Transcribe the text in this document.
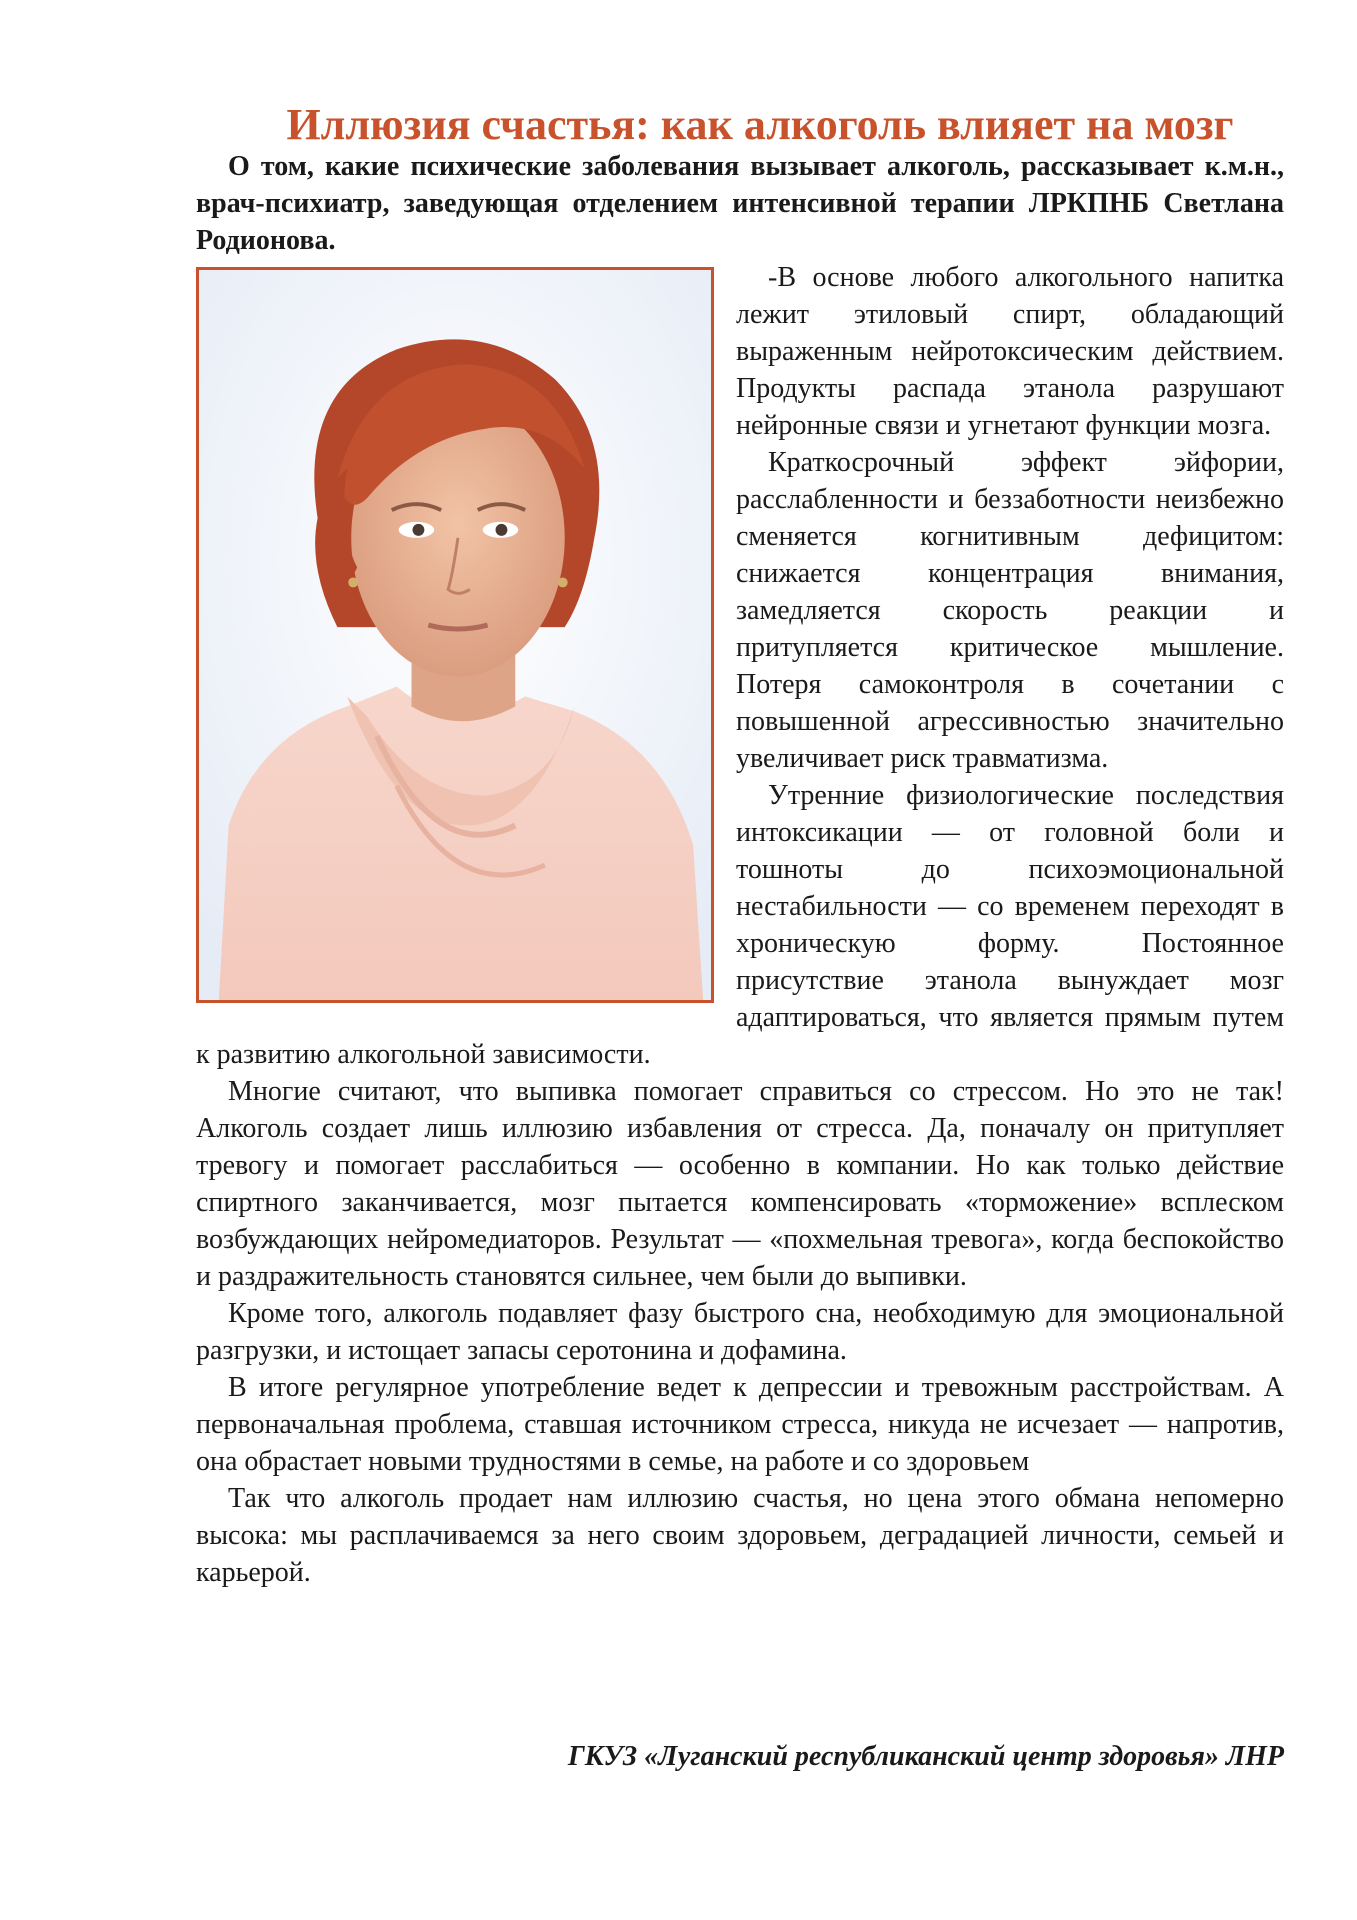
Иллюзия счастья: как алкоголь влияет на мозг

О том, какие психические заболевания вызывает алкоголь, рассказывает к.м.н., врач-психиатр, заведующая отделением интенсивной терапии ЛРКПНБ Светлана Родионова.

-В основе любого алкогольного напитка лежит этиловый спирт, обладающий выраженным нейротоксическим действием. Продукты распада этанола разрушают нейронные связи и угнетают функции мозга.

Краткосрочный эффект эйфории, расслабленности и беззаботности неизбежно сменяется когнитивным дефицитом: снижается концентрация внимания, замедляется скорость реакции и притупляется критическое мышление. Потеря самоконтроля в сочетании с повышенной агрессивностью значительно увеличивает риск травматизма.

Утренние физиологические последствия интоксикации — от головной боли и тошноты до психоэмоциональной нестабильности — со временем переходят в хроническую форму. Постоянное присутствие этанола вынуждает мозг адаптироваться, что является прямым путем к развитию алкогольной зависимости.

Многие считают, что выпивка помогает справиться со стрессом. Но это не так! Алкоголь создает лишь иллюзию избавления от стресса. Да, поначалу он притупляет тревогу и помогает расслабиться — особенно в компании. Но как только действие спиртного заканчивается, мозг пытается компенсировать «торможение» всплеском возбуждающих нейромедиаторов. Результат — «похмельная тревога», когда беспокойство и раздражительность становятся сильнее, чем были до выпивки.

Кроме того, алкоголь подавляет фазу быстрого сна, необходимую для эмоциональной разгрузки, и истощает запасы серотонина и дофамина.

В итоге регулярное употребление ведет к депрессии и тревожным расстройствам. А первоначальная проблема, ставшая источником стресса, никуда не исчезает — напротив, она обрастает новыми трудностями в семье, на работе и со здоровьем

Так что алкоголь продает нам иллюзию счастья, но цена этого обмана непомерно высока: мы расплачиваемся за него своим здоровьем, деградацией личности, семьей и карьерой.

ГКУЗ «Луганский республиканский центр здоровья» ЛНР
